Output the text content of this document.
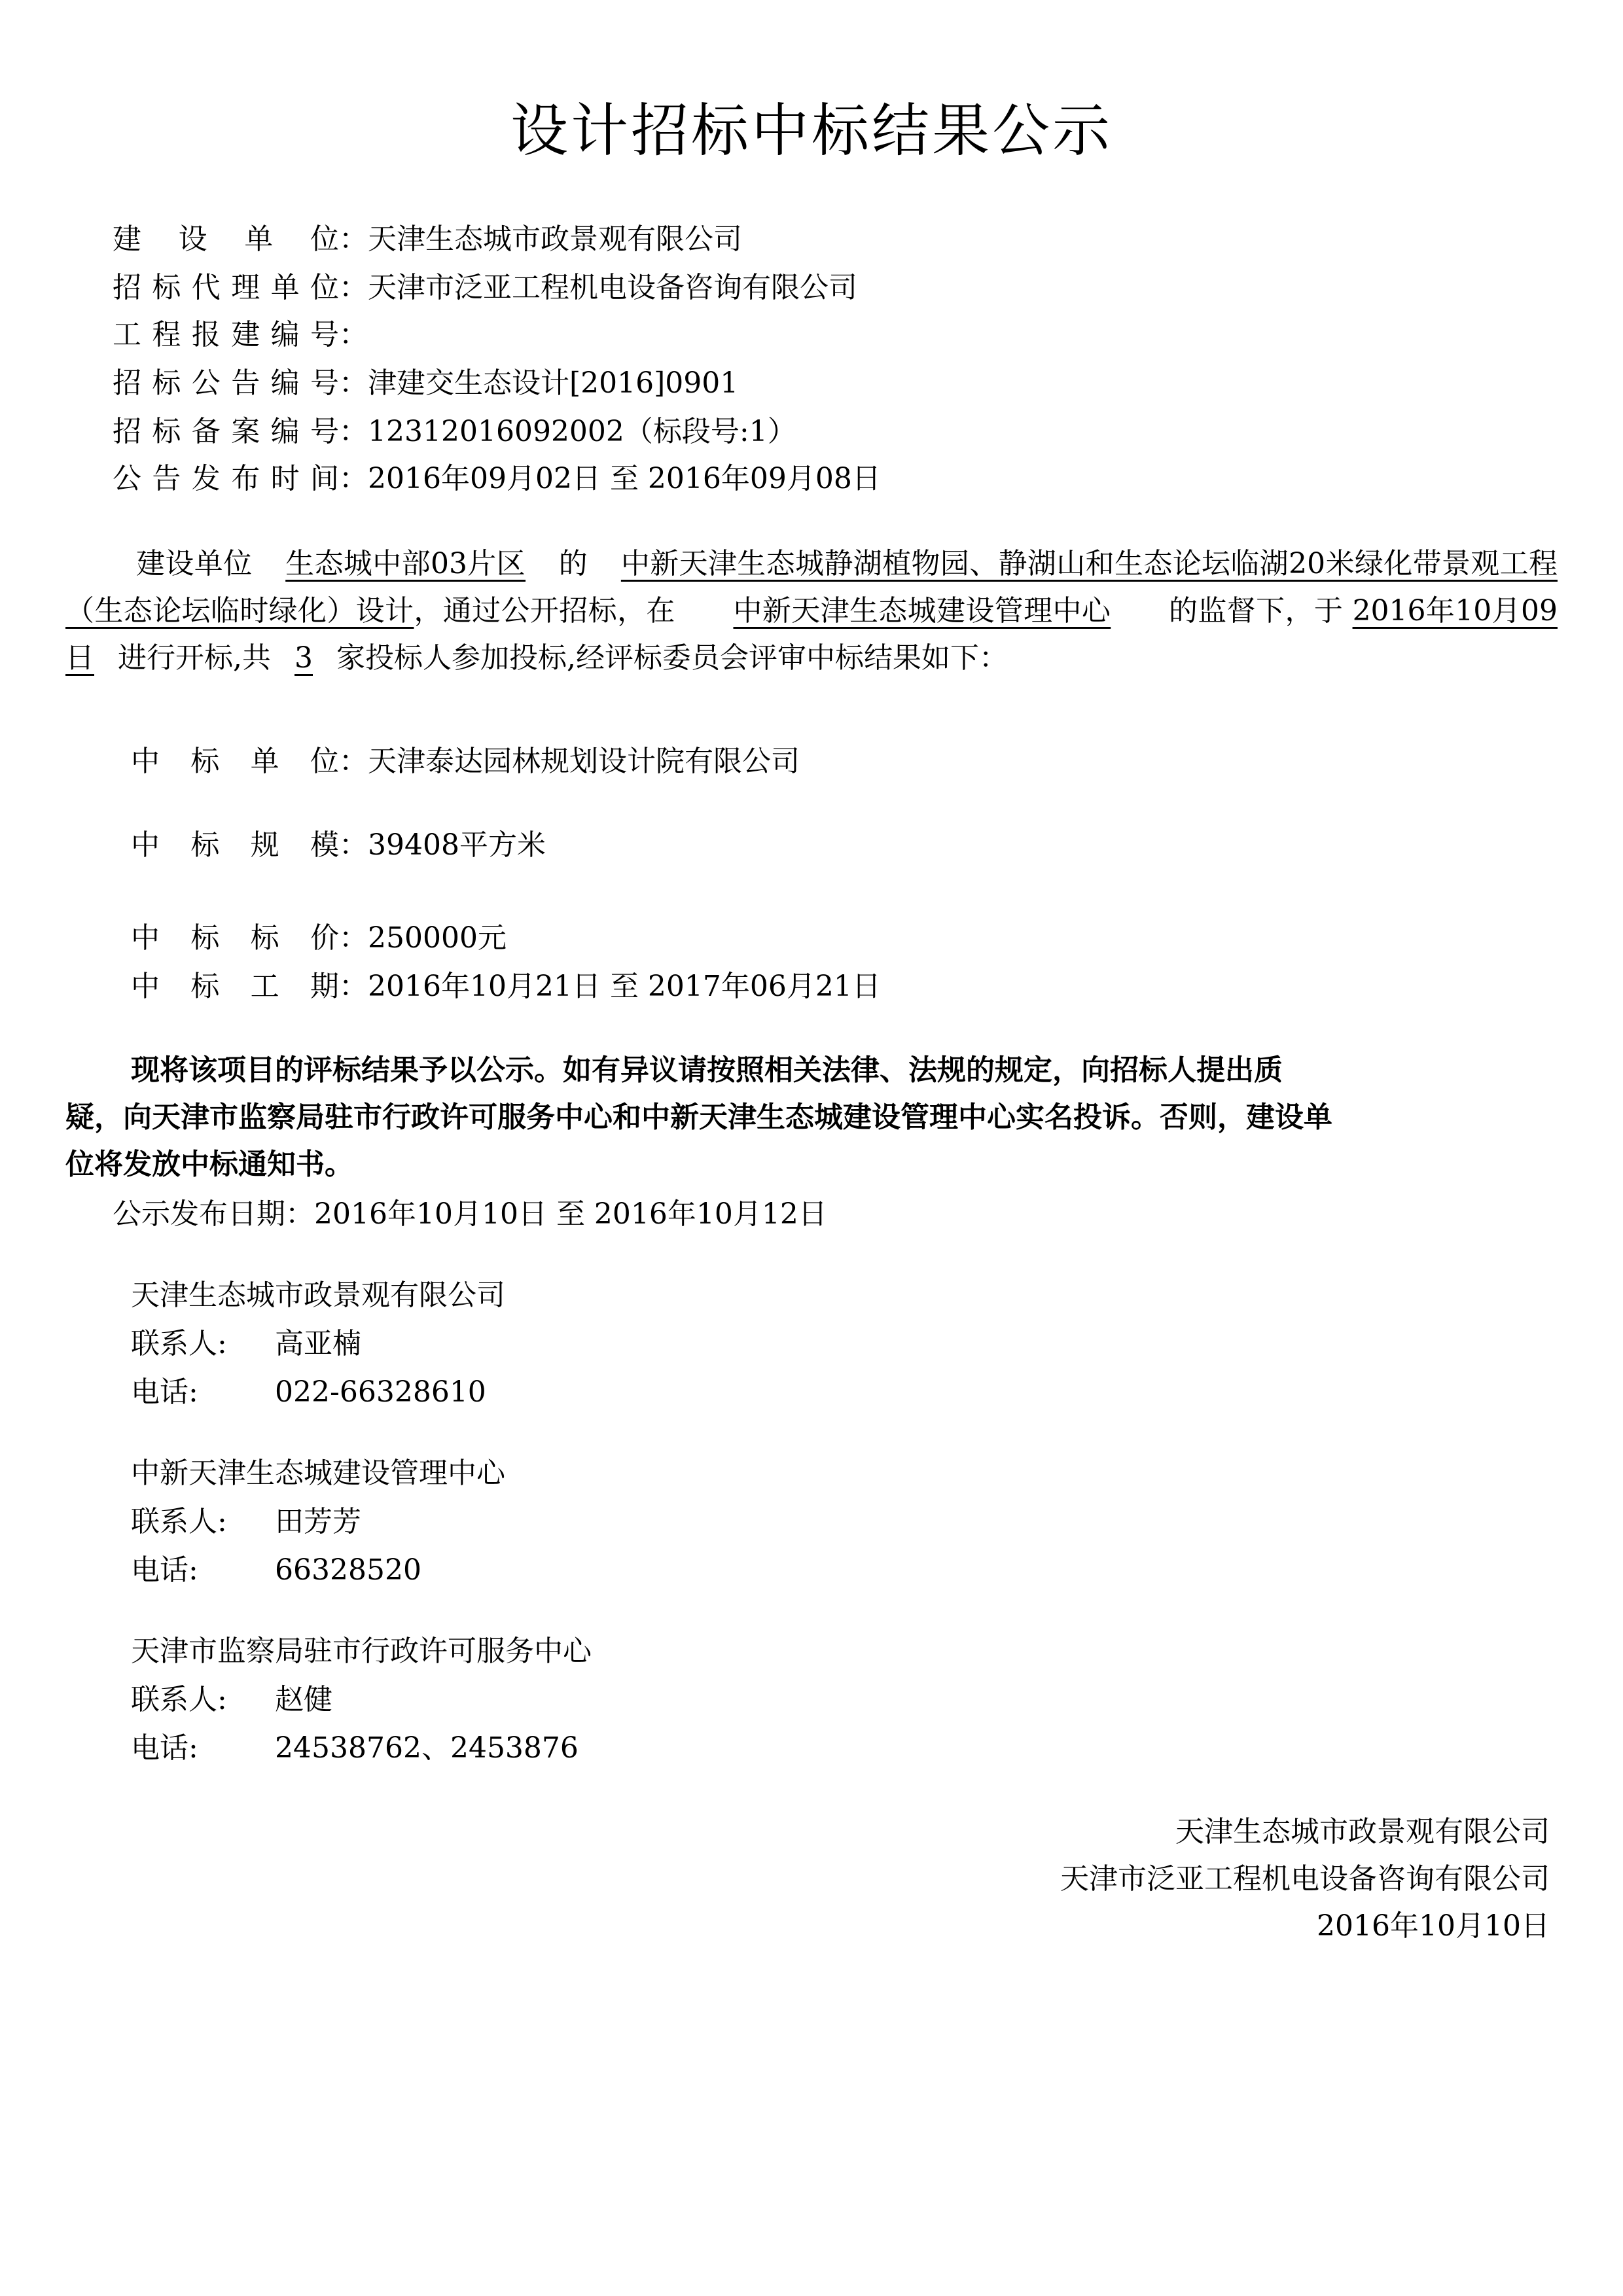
设计招标中标结果公示
建设单位：天津生态城市政景观有限公司
招标代理单位：天津市泛亚工程机电设备咨询有限公司
工程报建编号：
招标公告编号：津建交生态设计[2016]0901
招标备案编号：12312016092002（标段号:1）
公告发布时间：2016年09月02日 至 2016年09月08日
建设单位 生态城中部03片区 的 中新天津生态城静湖植物园、静湖山和生态论坛临湖20米绿化带景观工程（生态论坛临时绿化）设计，通过公开招标，在 中新天津生态城建设管理中心 的监督下，于 2016年10月09日 进行开标,共 3 家投标人参加投标,经评标委员会评审中标结果如下：
中标单位：天津泰达园林规划设计院有限公司
中标规模：39408平方米
中标标价：250000元
中标工期：2016年10月21日 至 2017年06月21日
现将该项目的评标结果予以公示。如有异议请按照相关法律、法规的规定，向招标人提出质
疑，向天津市监察局驻市行政许可服务中心和中新天津生态城建设管理中心实名投诉。否则，建设单
位将发放中标通知书。
公示发布日期：2016年10月10日 至 2016年10月12日
天津生态城市政景观有限公司
联系人: 高亚楠
电话:	022-66328610
中新天津生态城建设管理中心
联系人: 田芳芳
电话:	66328520
天津市监察局驻市行政许可服务中心
联系人: 赵健
电话:	24538762、2453876
天津生态城市政景观有限公司
天津市泛亚工程机电设备咨询有限公司
2016年10月10日
